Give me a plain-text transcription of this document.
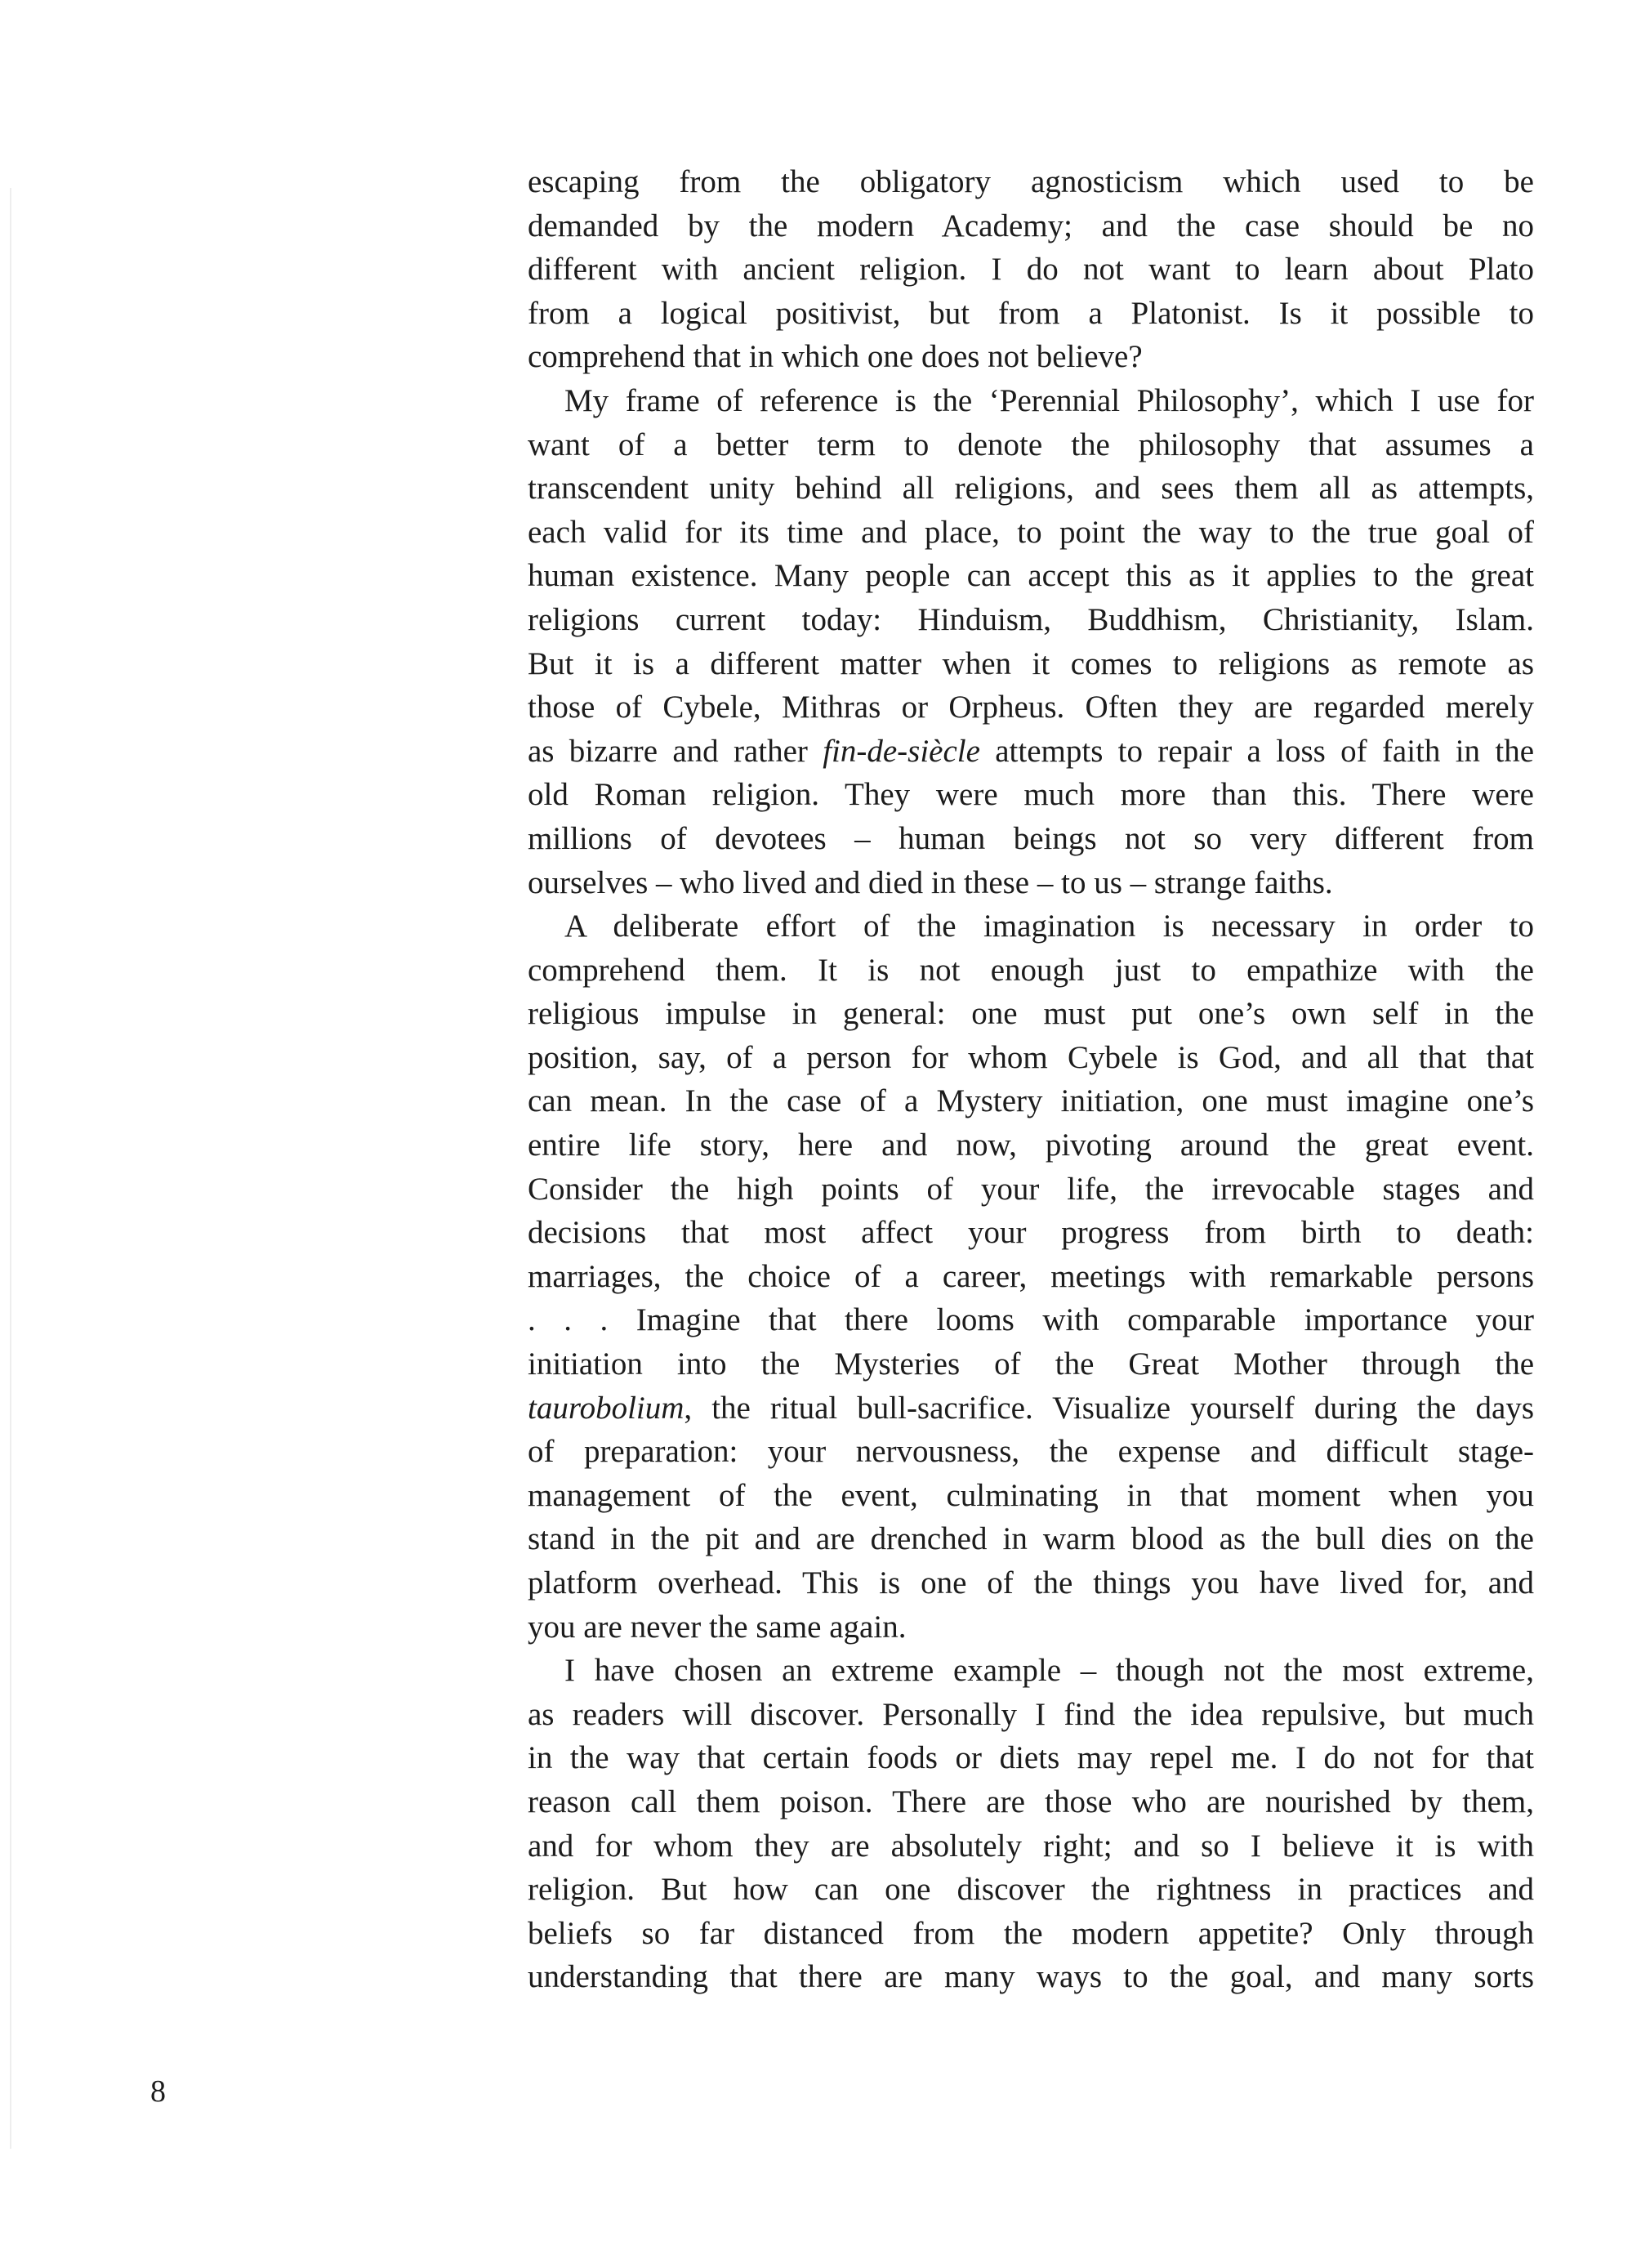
escaping from the obligatory agnosticism which used to be
demanded by the modern Academy; and the case should be no
different with ancient religion. I do not want to learn about Plato
from a logical positivist, but from a Platonist. Is it possible to
comprehend that in which one does not believe?
My frame of reference is the ‘Perennial Philosophy’, which I use for
want of a better term to denote the philosophy that assumes a
transcendent unity behind all religions, and sees them all as attempts,
each valid for its time and place, to point the way to the true goal of
human existence. Many people can accept this as it applies to the great
religions current today: Hinduism, Buddhism, Christianity, Islam.
But it is a different matter when it comes to religions as remote as
those of Cybele, Mithras or Orpheus. Often they are regarded merely
as bizarre and rather fin-de-siècle attempts to repair a loss of faith in the
old Roman religion. They were much more than this. There were
millions of devotees – human beings not so very different from
ourselves – who lived and died in these – to us – strange faiths.
A deliberate effort of the imagination is necessary in order to
comprehend them. It is not enough just to empathize with the
religious impulse in general: one must put one’s own self in the
position, say, of a person for whom Cybele is God, and all that that
can mean. In the case of a Mystery initiation, one must imagine one’s
entire life story, here and now, pivoting around the great event.
Consider the high points of your life, the irrevocable stages and
decisions that most affect your progress from birth to death:
marriages, the choice of a career, meetings with remarkable persons
. . . Imagine that there looms with comparable importance your
initiation into the Mysteries of the Great Mother through the
taurobolium, the ritual bull-sacrifice. Visualize yourself during the days
of preparation: your nervousness, the expense and difficult stage-
management of the event, culminating in that moment when you
stand in the pit and are drenched in warm blood as the bull dies on the
platform overhead. This is one of the things you have lived for, and
you are never the same again.
I have chosen an extreme example – though not the most extreme,
as readers will discover. Personally I find the idea repulsive, but much
in the way that certain foods or diets may repel me. I do not for that
reason call them poison. There are those who are nourished by them,
and for whom they are absolutely right; and so I believe it is with
religion. But how can one discover the rightness in practices and
beliefs so far distanced from the modern appetite? Only through
understanding that there are many ways to the goal, and many sorts
8
